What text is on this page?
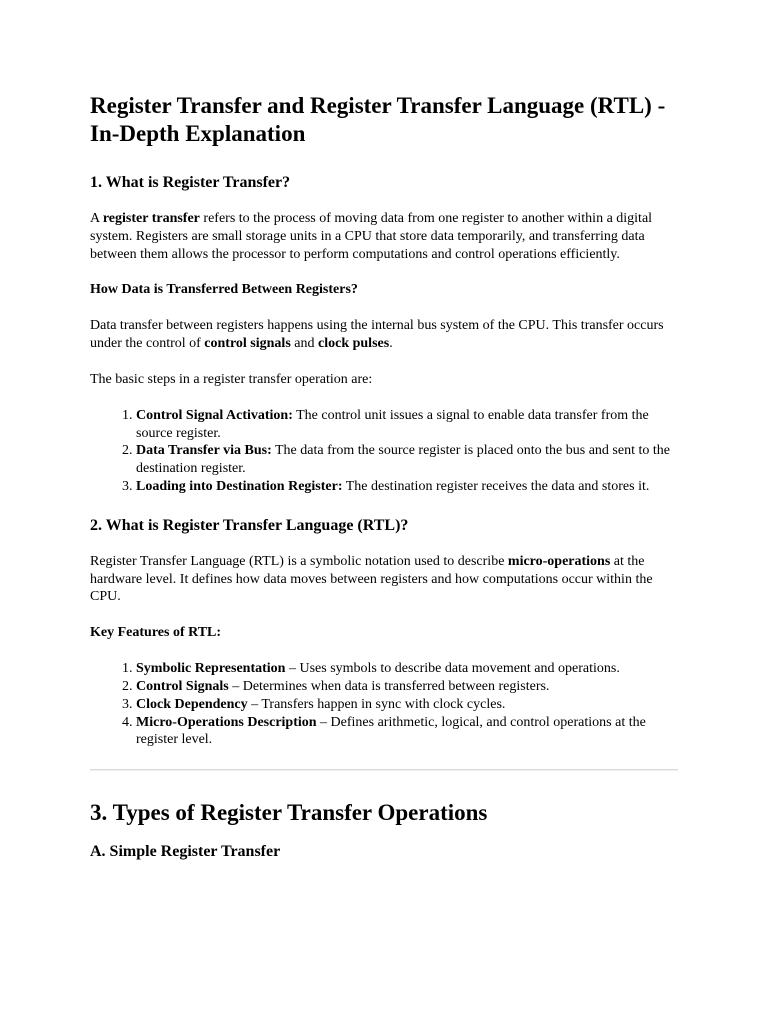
Register Transfer and Register Transfer Language (RTL) - In-Depth Explanation
1. What is Register Transfer?
A register transfer refers to the process of moving data from one register to another within a digital system. Registers are small storage units in a CPU that store data temporarily, and transferring data between them allows the processor to perform computations and control operations efficiently.
How Data is Transferred Between Registers?
Data transfer between registers happens using the internal bus system of the CPU. This transfer occurs under the control of control signals and clock pulses.
The basic steps in a register transfer operation are:
1. Control Signal Activation: The control unit issues a signal to enable data transfer from the source register.
2. Data Transfer via Bus: The data from the source register is placed onto the bus and sent to the destination register.
3. Loading into Destination Register: The destination register receives the data and stores it.
2. What is Register Transfer Language (RTL)?
Register Transfer Language (RTL) is a symbolic notation used to describe micro-operations at the hardware level. It defines how data moves between registers and how computations occur within the CPU.
Key Features of RTL:
1. Symbolic Representation – Uses symbols to describe data movement and operations.
2. Control Signals – Determines when data is transferred between registers.
3. Clock Dependency – Transfers happen in sync with clock cycles.
4. Micro-Operations Description – Defines arithmetic, logical, and control operations at the register level.
3. Types of Register Transfer Operations
A. Simple Register Transfer
